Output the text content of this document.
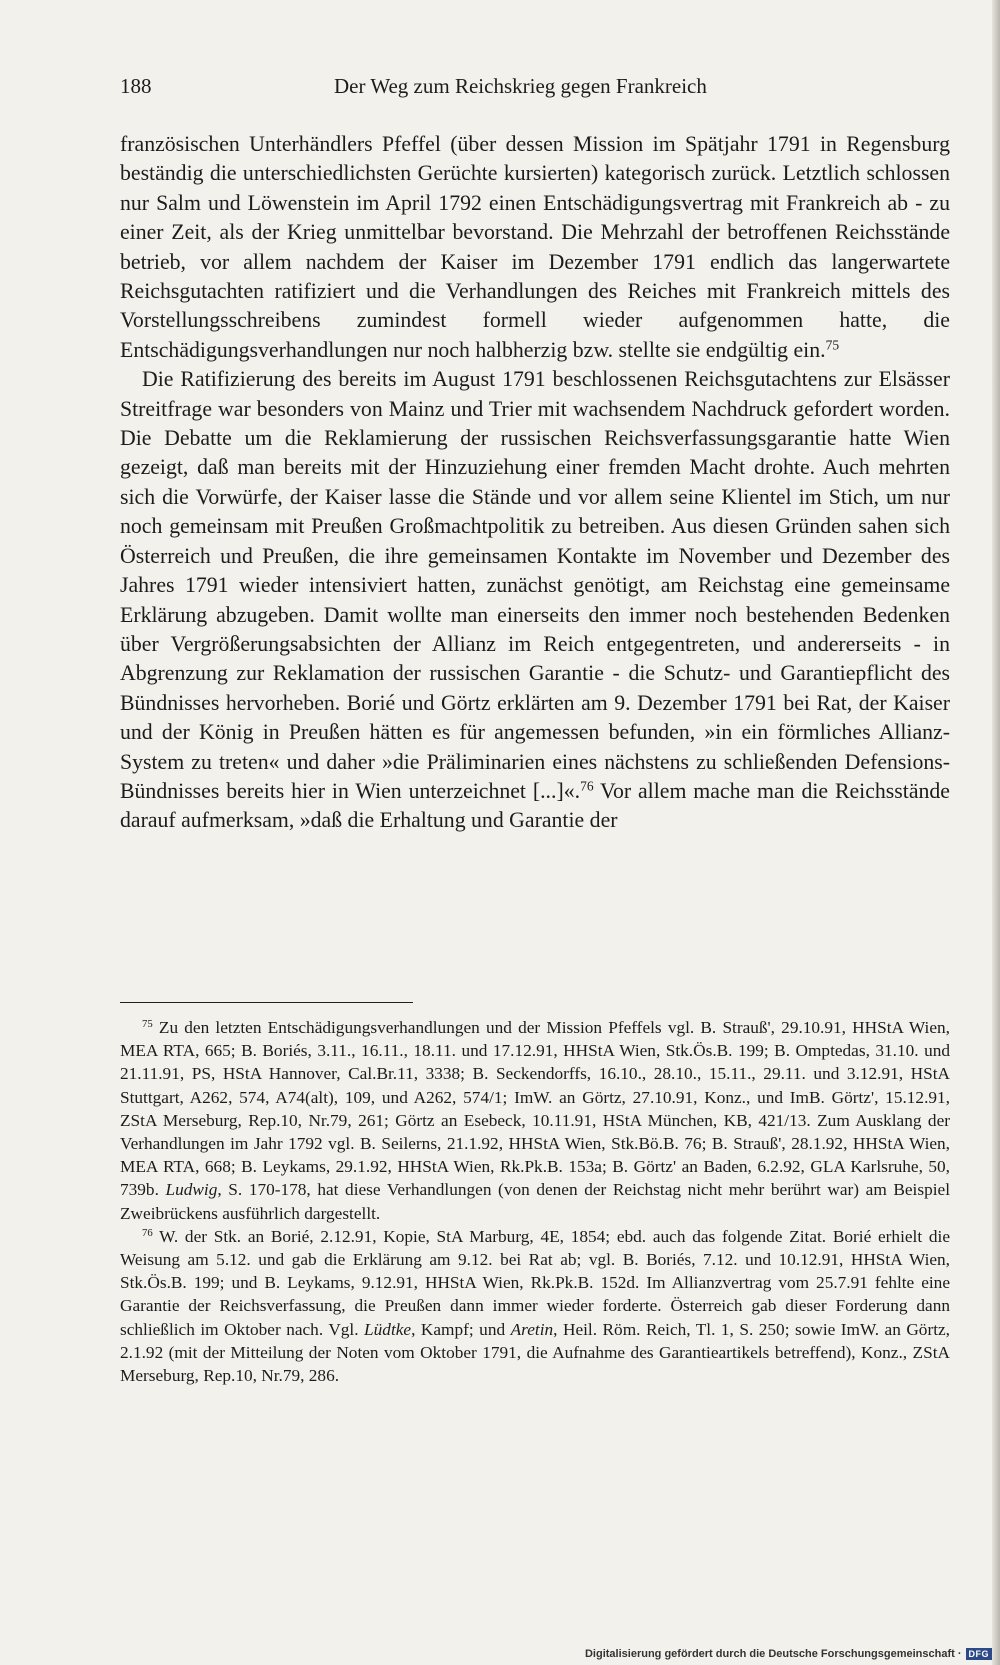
188	Der Weg zum Reichskrieg gegen Frankreich

französischen Unterhändlers Pfeffel (über dessen Mission im Spätjahr 1791 in Regensburg beständig die unterschiedlichsten Gerüchte kursierten) kategorisch zurück. Letztlich schlossen nur Salm und Löwenstein im April 1792 einen Entschädigungsvertrag mit Frankreich ab - zu einer Zeit, als der Krieg unmittelbar bevorstand. Die Mehrzahl der betroffenen Reichsstände betrieb, vor allem nachdem der Kaiser im Dezember 1791 endlich das langerwartete Reichsgutachten ratifiziert und die Verhandlungen des Reiches mit Frankreich mittels des Vorstellungsschreibens zumindest formell wieder aufgenommen hatte, die Entschädigungsverhandlungen nur noch halbherzig bzw. stellte sie endgültig ein.$^{75}$

Die Ratifizierung des bereits im August 1791 beschlossenen Reichsgutachtens zur Elsässer Streitfrage war besonders von Mainz und Trier mit wachsendem Nachdruck gefordert worden. Die Debatte um die Reklamierung der russischen Reichsverfassungsgarantie hatte Wien gezeigt, daß man bereits mit der Hinzuziehung einer fremden Macht drohte. Auch mehrten sich die Vorwürfe, der Kaiser lasse die Stände und vor allem seine Klientel im Stich, um nur noch gemeinsam mit Preußen Großmachtpolitik zu betreiben. Aus diesen Gründen sahen sich Österreich und Preußen, die ihre gemeinsamen Kontakte im November und Dezember des Jahres 1791 wieder intensiviert hatten, zunächst genötigt, am Reichstag eine gemeinsame Erklärung abzugeben. Damit wollte man einerseits den immer noch bestehenden Bedenken über Vergrößerungsabsichten der Allianz im Reich entgegentreten, und andererseits - in Abgrenzung zur Reklamation der russischen Garantie - die Schutz- und Garantiepflicht des Bündnisses hervorheben. Borié und Görtz erklärten am 9. Dezember 1791 bei Rat, der Kaiser und der König in Preußen hätten es für angemessen befunden, »in ein förmliches Allianz-System zu treten« und daher »die Präliminarien eines nächstens zu schließenden Defensions-Bündnisses bereits hier in Wien unterzeichnet [...]«.$^{76}$ Vor allem mache man die Reichsstände darauf aufmerksam, »daß die Erhaltung und Garantie der

$^{75}$ Zu den letzten Entschädigungsverhandlungen und der Mission Pfeffels vgl. B. Strauß', 29.10.91, HHStA Wien, MEA RTA, 665; B. Boriés, 3.11., 16.11., 18.11. und 17.12.91, HHStA Wien, Stk.Ös.B. 199; B. Omptedas, 31.10. und 21.11.91, PS, HStA Hannover, Cal.Br.11, 3338; B. Seckendorffs, 16.10., 28.10., 15.11., 29.11. und 3.12.91, HStA Stuttgart, A262, 574, A74(alt), 109, und A262, 574/1; ImW. an Görtz, 27.10.91, Konz., und ImB. Görtz', 15.12.91, ZStA Merseburg, Rep.10, Nr.79, 261; Görtz an Esebeck, 10.11.91, HStA München, KB, 421/13. Zum Ausklang der Verhandlungen im Jahr 1792 vgl. B. Seilerns, 21.1.92, HHStA Wien, Stk.Bö.B. 76; B. Strauß', 28.1.92, HHStA Wien, MEA RTA, 668; B. Leykams, 29.1.92, HHStA Wien, Rk.Pk.B. 153a; B. Görtz' an Baden, 6.2.92, GLA Karlsruhe, 50, 739b. Ludwig, S. 170-178, hat diese Verhandlungen (von denen der Reichstag nicht mehr berührt war) am Beispiel Zweibrückens ausführlich dargestellt.

$^{76}$ W. der Stk. an Borié, 2.12.91, Kopie, StA Marburg, 4E, 1854; ebd. auch das folgende Zitat. Borié erhielt die Weisung am 5.12. und gab die Erklärung am 9.12. bei Rat ab; vgl. B. Boriés, 7.12. und 10.12.91, HHStA Wien, Stk.Ös.B. 199; und B. Leykams, 9.12.91, HHStA Wien, Rk.Pk.B. 152d. Im Allianzvertrag vom 25.7.91 fehlte eine Garantie der Reichsverfassung, die Preußen dann immer wieder forderte. Österreich gab dieser Forderung dann schließlich im Oktober nach. Vgl. Lüdtke, Kampf; und Aretin, Heil. Röm. Reich, Tl. 1, S. 250; sowie ImW. an Görtz, 2.1.92 (mit der Mitteilung der Noten vom Oktober 1791, die Aufnahme des Garantieartikels betreffend), Konz., ZStA Merseburg, Rep.10, Nr.79, 286.

Digitalisierung gefördert durch die Deutsche Forschungsgemeinschaft · DFG
